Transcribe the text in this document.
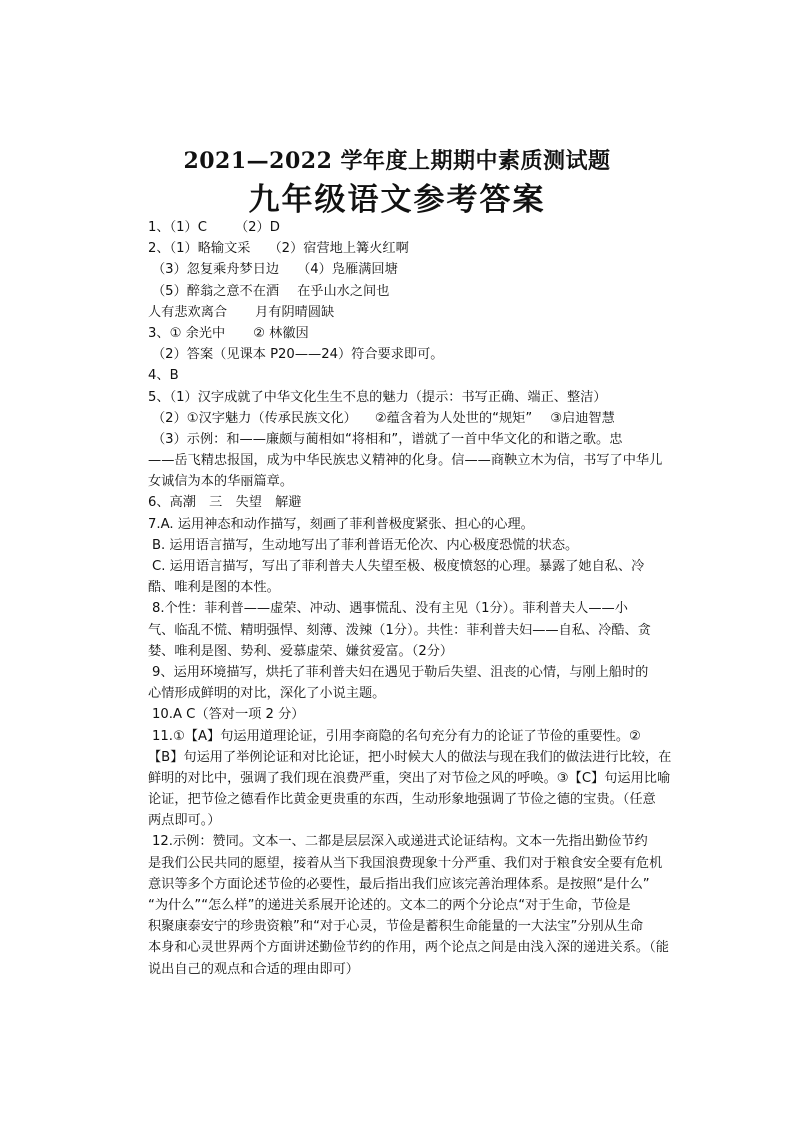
2021—2022 学年度上期期中素质测试题
九年级语文参考答案
1、（1）C （2）D
2、（1）略输文采 （2）宿营地上篝火红啊
（3）忽复乘舟梦日边 （4）凫雁满回塘
（5）醉翁之意不在酒 在乎山水之间也
人有悲欢离合 月有阴晴圆缺
3、① 余光中 ② 林徽因
（2）答案（见课本 P20——24）符合要求即可。
4、B
5、（1）汉字成就了中华文化生生不息的魅力（提示：书写正确、端正、整洁）
（2）①汉字魅力（传承民族文化） ②蕴含着为人处世的“规矩” ③启迪智慧
（3）示例：和——廉颇与蔺相如“将相和”，谱就了一首中华文化的和谐之歌。忠
——岳飞精忠报国，成为中华民族忠义精神的化身。信——商鞅立木为信，书写了中华儿
女诚信为本的华丽篇章。
6、高潮　三　失望　解避
7.A. 运用神态和动作描写，刻画了菲利普极度紧张、担心的心理。
B. 运用语言描写，生动地写出了菲利普语无伦次、内心极度恐慌的状态。
C. 运用语言描写，写出了菲利普夫人失望至极、极度愤怒的心理。暴露了她自私、冷
酷、唯利是图的本性。
8.个性：菲利普——虚荣、冲动、遇事慌乱、没有主见（1分）。菲利普夫人——小
气、临乱不慌、精明强悍、刻薄、泼辣（1分）。共性：菲利普夫妇——自私、冷酷、贪
婪、唯利是图、势利、爱慕虚荣、嫌贫爱富。（2分）
9、运用环境描写，烘托了菲利普夫妇在遇见于勒后失望、沮丧的心情，与刚上船时的
心情形成鲜明的对比，深化了小说主题。
10.A C（答对一项 2 分）
11.①【A】句运用道理论证，引用李商隐的名句充分有力的论证了节俭的重要性。②
【B】句运用了举例论证和对比论证，把小时候大人的做法与现在我们的做法进行比较，在
鲜明的对比中，强调了我们现在浪费严重，突出了对节俭之风的呼唤。③【C】句运用比喻
论证，把节俭之德看作比黄金更贵重的东西，生动形象地强调了节俭之德的宝贵。（任意
两点即可。）
12.示例：赞同。文本一、二都是层层深入或递进式论证结构。文本一先指出勤俭节约
是我们公民共同的愿望，接着从当下我国浪费现象十分严重、我们对于粮食安全要有危机
意识等多个方面论述节俭的必要性，最后指出我们应该完善治理体系。是按照“是什么”
“为什么”“怎么样”的递进关系展开论述的。文本二的两个分论点“对于生命，节俭是
积聚康泰安宁的珍贵资粮”和“对于心灵，节俭是蓄积生命能量的一大法宝”分别从生命
本身和心灵世界两个方面讲述勤俭节约的作用，两个论点之间是由浅入深的递进关系。（能
说出自己的观点和合适的理由即可）
